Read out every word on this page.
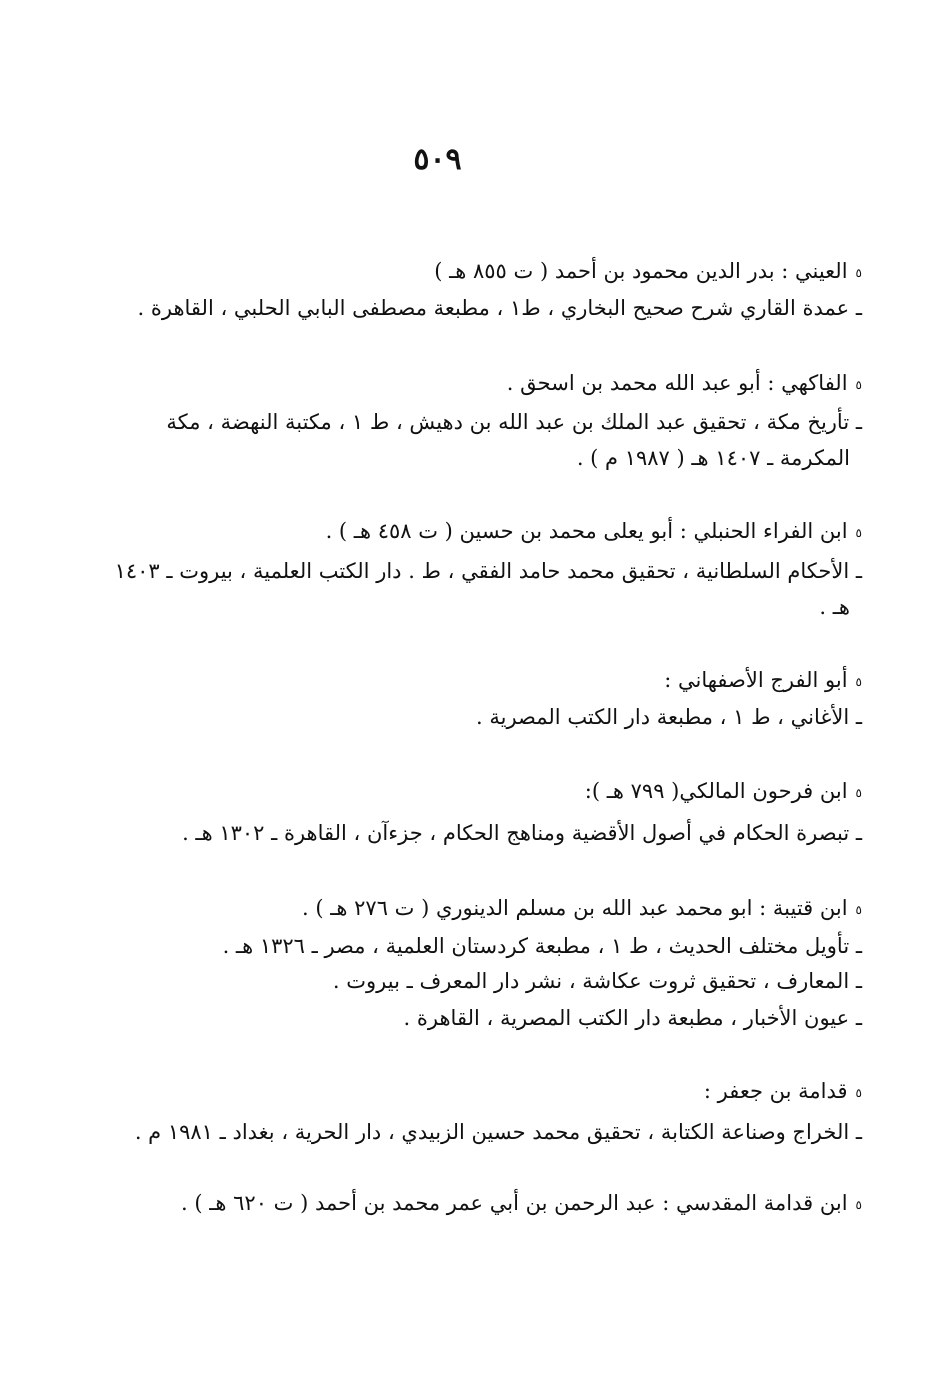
٥٠٩
٥العيني : بدر الدين محمود بن أحمد ( ت ٨٥٥ هـ )
ـ عمدة القاري شرح صحيح البخاري ، ط١ ، مطبعة مصطفى البابي الحلبي ، القاهرة .
٥الفاكهي : أبو عبد الله محمد بن اسحق .
ـ تأريخ مكة ، تحقيق عبد الملك بن عبد الله بن دهيش ، ط ١ ، مكتبة النهضة ، مكة
المكرمة ـ ١٤٠٧ هـ ( ١٩٨٧ م ) .
٥ابن الفراء الحنبلي : أبو يعلى محمد بن حسين ( ت ٤٥٨ هـ ) .
ـ الأحكام السلطانية ، تحقيق محمد حامد الفقي ، ط . دار الكتب العلمية ، بيروت ـ ١٤٠٣
هـ .
٥أبو الفرج الأصفهاني :
ـ الأغاني ، ط ١ ، مطبعة دار الكتب المصرية .
٥ابن فرحون المالكي( ٧٩٩ هـ ):
ـ تبصرة الحكام في أصول الأقضية ومناهج الحكام ، جزءآن ، القاهرة ـ ١٣٠٢ هـ .
٥ابن قتيبة : ابو محمد عبد الله بن مسلم الدينوري ( ت ٢٧٦ هـ ) .
ـ تأويل مختلف الحديث ، ط ١ ، مطبعة كردستان العلمية ، مصر ـ ١٣٢٦ هـ .
ـ المعارف ، تحقيق ثروت عكاشة ، نشر دار المعرف ـ بيروت .
ـ عيون الأخبار ، مطبعة دار الكتب المصرية ، القاهرة .
٥قدامة بن جعفر :
ـ الخراج وصناعة الكتابة ، تحقيق محمد حسين الزبيدي ، دار الحرية ، بغداد ـ ١٩٨١ م .
٥ابن قدامة المقدسي : عبد الرحمن بن أبي عمر محمد بن أحمد ( ت ٦٢٠ هـ ) .
